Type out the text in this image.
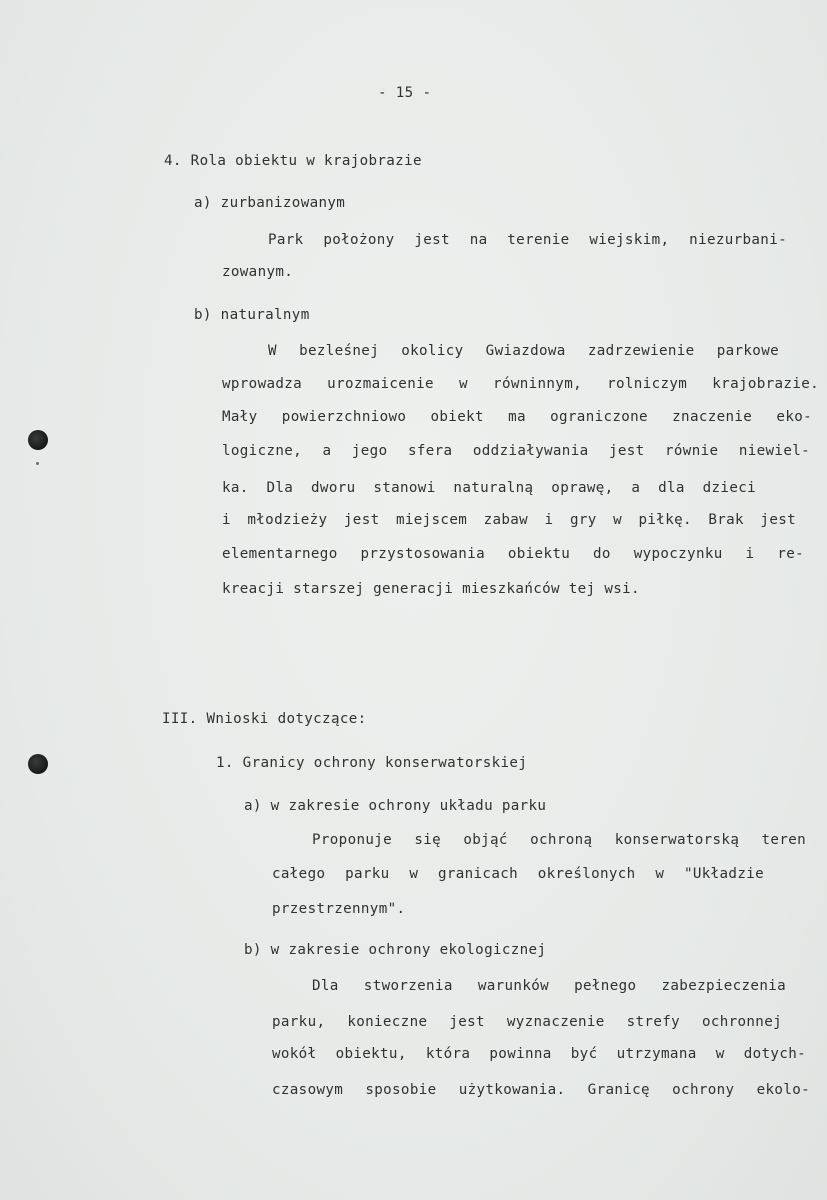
- 15 -
4. Rola obiektu w krajobrazie
a) zurbanizowanym
Park położony jest na terenie wiejskim, niezurbani-
zowanym.
b) naturalnym
W bezleśnej okolicy Gwiazdowa zadrzewienie parkowe
wprowadza urozmaicenie w równinnym, rolniczym krajobrazie.
Mały powierzchniowo obiekt ma ograniczone znaczenie eko-
logiczne, a jego sfera oddziaływania jest równie niewiel-
ka. Dla dworu stanowi naturalną oprawę, a dla dzieci
i młodzieży jest miejscem zabaw i gry w piłkę. Brak jest
elementarnego przystosowania obiektu do wypoczynku i re-
kreacji starszej generacji mieszkańców tej wsi.
III. Wnioski dotyczące:
1. Granicy ochrony konserwatorskiej
a) w zakresie ochrony układu parku
Proponuje się objąć ochroną konserwatorską teren
całego parku w granicach określonych w "Układzie
przestrzennym".
b) w zakresie ochrony ekologicznej
Dla stworzenia warunków pełnego zabezpieczenia
parku, konieczne jest wyznaczenie strefy ochronnej
wokół obiektu, która powinna być utrzymana w dotych-
czasowym sposobie użytkowania. Granicę ochrony ekolo-
